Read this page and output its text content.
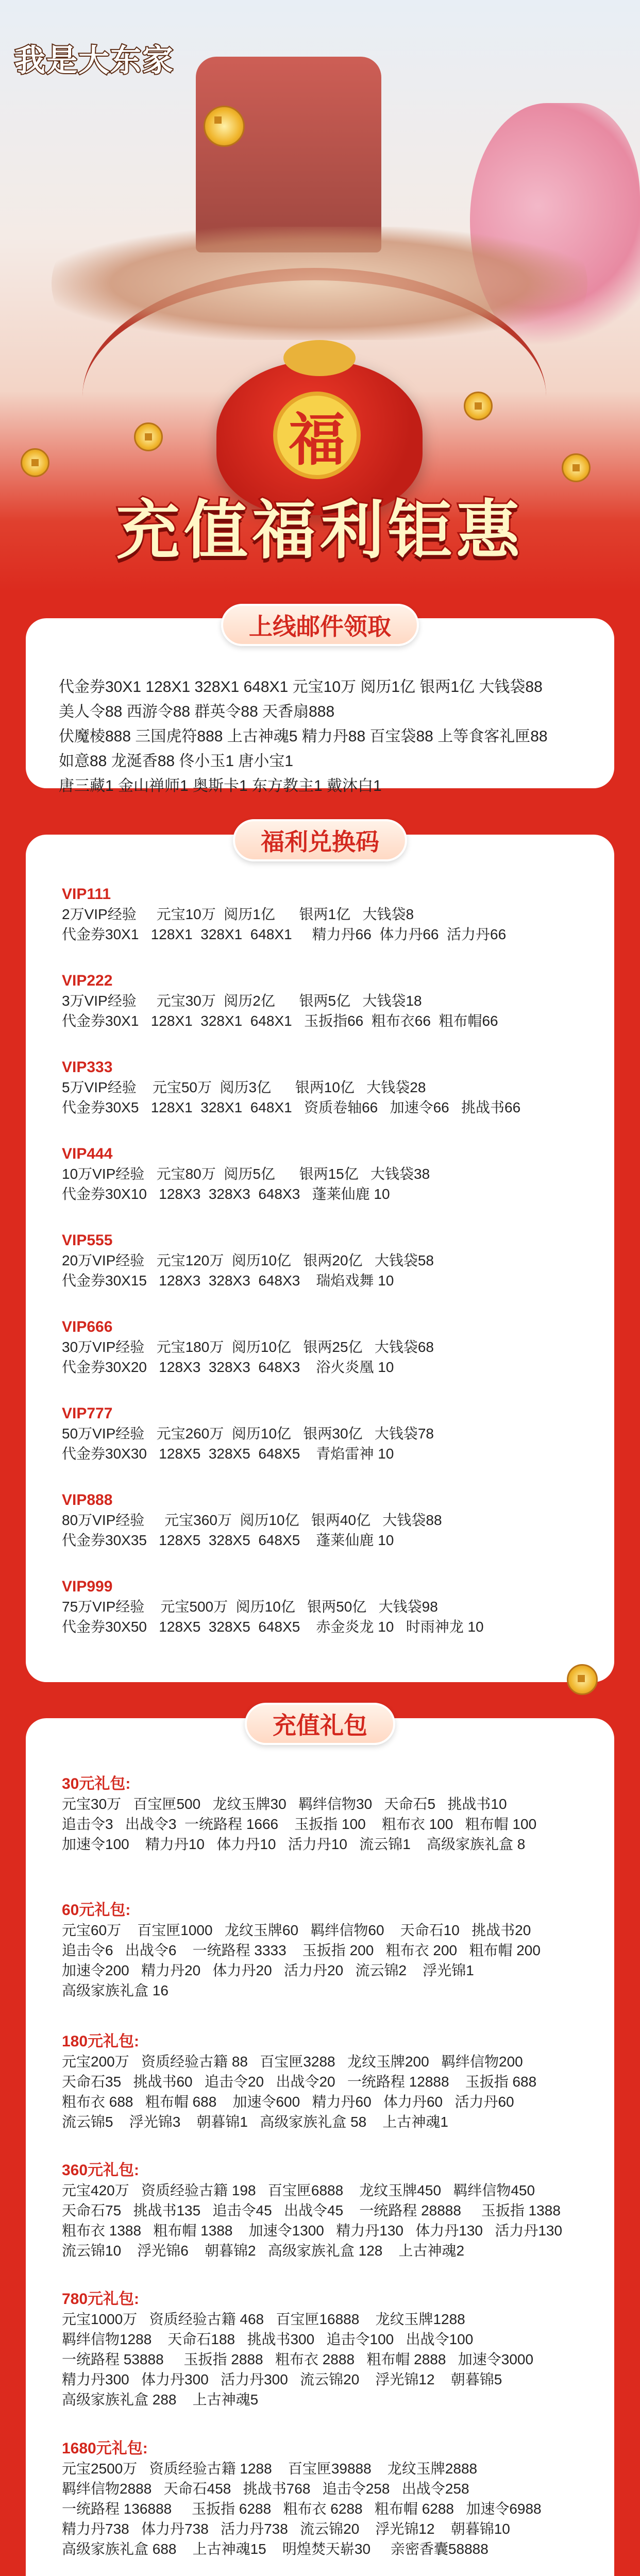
我是大东家
福
充值福利钜惠
上线邮件领取
代金券30X1 128X1 328X1 648X1 元宝10万 阅历1亿 银两1亿 大钱袋88
美人令88 西游令88 群英令88 天香扇888
伏魔棱888 三国虎符888 上古神魂5 精力丹88 百宝袋88 上等食客礼匣88
如意88 龙涎香88 佟小玉1 唐小宝1
唐三藏1 金山禅师1 奥斯卡1 东方教主1 戴沐白1
福利兑换码
VIP111
2万VIP经验     元宝10万  阅历1亿      银两1亿   大钱袋8
代金券30X1   128X1  328X1  648X1     精力丹66  体力丹66  活力丹66
VIP222
3万VIP经验     元宝30万  阅历2亿      银两5亿   大钱袋18
代金券30X1   128X1  328X1  648X1   玉扳指66  粗布衣66  粗布帽66
VIP333
5万VIP经验    元宝50万  阅历3亿      银两10亿   大钱袋28
代金券30X5   128X1  328X1  648X1   资质卷轴66   加速令66   挑战书66
VIP444
10万VIP经验   元宝80万  阅历5亿      银两15亿   大钱袋38
代金券30X10   128X3  328X3  648X3   蓬莱仙鹿 10
VIP555
20万VIP经验   元宝120万  阅历10亿   银两20亿   大钱袋58
代金券30X15   128X3  328X3  648X3    瑞焰戏舞 10
VIP666
30万VIP经验   元宝180万  阅历10亿   银两25亿   大钱袋68
代金券30X20   128X3  328X3  648X3    浴火炎凰 10
VIP777
50万VIP经验   元宝260万  阅历10亿   银两30亿   大钱袋78
代金券30X30   128X5  328X5  648X5    青焰雷神 10
VIP888
80万VIP经验     元宝360万  阅历10亿   银两40亿   大钱袋88
代金券30X35   128X5  328X5  648X5    蓬莱仙鹿 10
VIP999
75万VIP经验    元宝500万  阅历10亿   银两50亿   大钱袋98
代金券30X50   128X5  328X5  648X5    赤金炎龙 10   时雨神龙 10
充值礼包
30元礼包:
元宝30万   百宝匣500   龙纹玉牌30   羁绊信物30   天命石5   挑战书10
追击令3   出战令3  一统路程 1666    玉扳指 100    粗布衣 100   粗布帽 100
加速令100    精力丹10   体力丹10   活力丹10   流云锦1    高级家族礼盒 8
60元礼包:
元宝60万    百宝匣1000   龙纹玉牌60   羁绊信物60    天命石10   挑战书20
追击令6   出战令6    一统路程 3333    玉扳指 200   粗布衣 200   粗布帽 200
加速令200   精力丹20   体力丹20   活力丹20   流云锦2    浮光锦1
高级家族礼盒 16
180元礼包:
元宝200万   资质经验古籍 88   百宝匣3288   龙纹玉牌200   羁绊信物200
天命石35   挑战书60   追击令20   出战令20   一统路程 12888    玉扳指 688
粗布衣 688   粗布帽 688    加速令600   精力丹60   体力丹60   活力丹60
流云锦5    浮光锦3    朝暮锦1   高级家族礼盒 58    上古神魂1
360元礼包:
元宝420万   资质经验古籍 198   百宝匣6888    龙纹玉牌450   羁绊信物450
天命石75   挑战书135   追击令45   出战令45    一统路程 28888     玉扳指 1388
粗布衣 1388   粗布帽 1388    加速令1300   精力丹130   体力丹130   活力丹130
流云锦10    浮光锦6    朝暮锦2   高级家族礼盒 128    上古神魂2
780元礼包:
元宝1000万   资质经验古籍 468   百宝匣16888    龙纹玉牌1288
羁绊信物1288    天命石188   挑战书300   追击令100   出战令100
一统路程 53888     玉扳指 2888   粗布衣 2888   粗布帽 2888   加速令3000
精力丹300   体力丹300   活力丹300   流云锦20    浮光锦12    朝暮锦5
高级家族礼盒 288    上古神魂5
1680元礼包:
元宝2500万   资质经验古籍 1288    百宝匣39888    龙纹玉牌2888
羁绊信物2888   天命石458   挑战书768   追击令258   出战令258
一统路程 136888     玉扳指 6288   粗布衣 6288   粗布帽 6288   加速令6988
精力丹738   体力丹738   活力丹738   流云锦20    浮光锦12    朝暮锦10
高级家族礼盒 688    上古神魂15    明煌焚天崭30     亲密香囊58888
